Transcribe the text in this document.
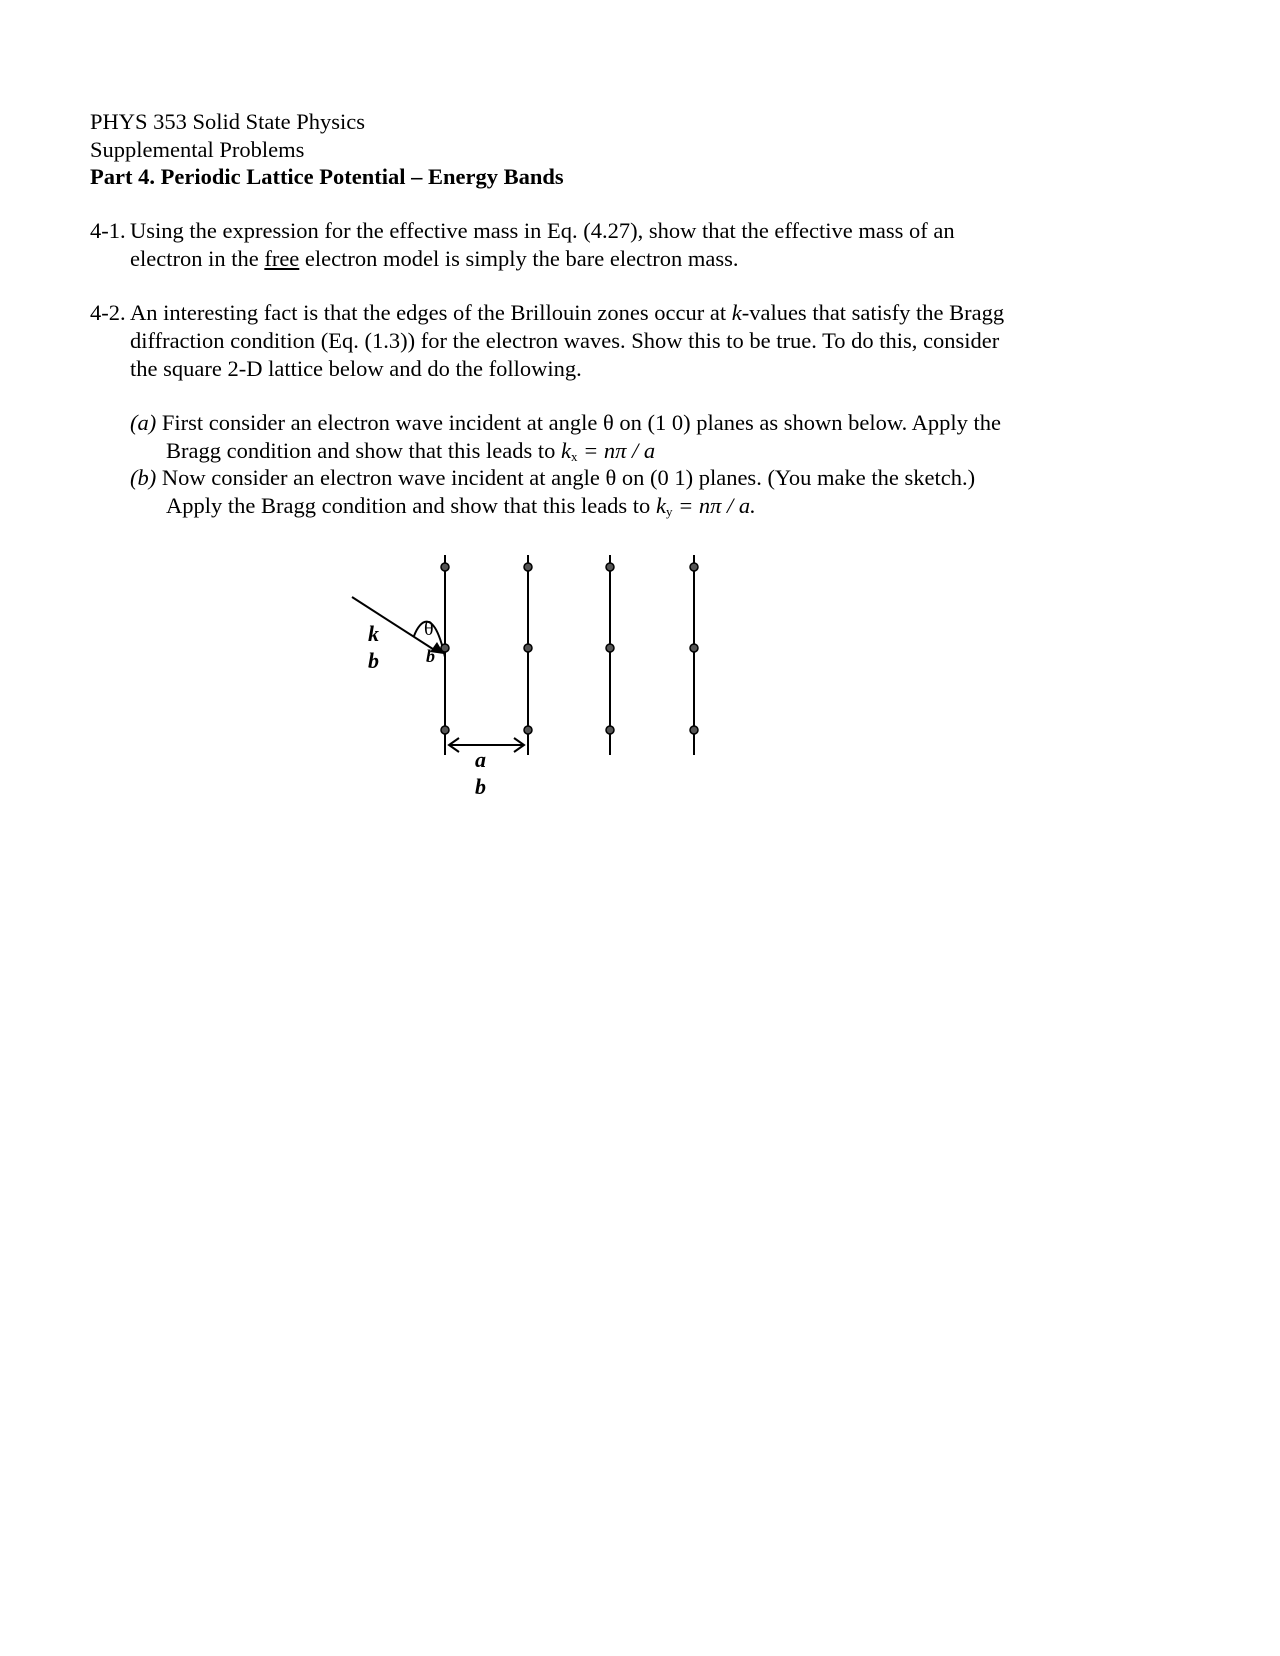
PHYS 353 Solid State Physics
Supplemental Problems
Part 4. Periodic Lattice Potential – Energy Bands
4-1. Using the expression for the effective mass in Eq. (4.27), show that the effective mass of an
electron in the free electron model is simply the bare electron mass.
4-2. An interesting fact is that the edges of the Brillouin zones occur at k-values that satisfy the Bragg
diffraction condition (Eq. (1.3)) for the electron waves. Show this to be true. To do this, consider
the square 2-D lattice below and do the following.
(a) First consider an electron wave incident at angle θ on (1 0) planes as shown below. Apply the
Bragg condition and show that this leads to $k_x = n\pi / a$
(b) Now consider an electron wave incident at angle θ on (0 1) planes. (You make the sketch.)
Apply the Bragg condition and show that this leads to $k_y = n\pi / a$.
k
b
θ
b
a
b
